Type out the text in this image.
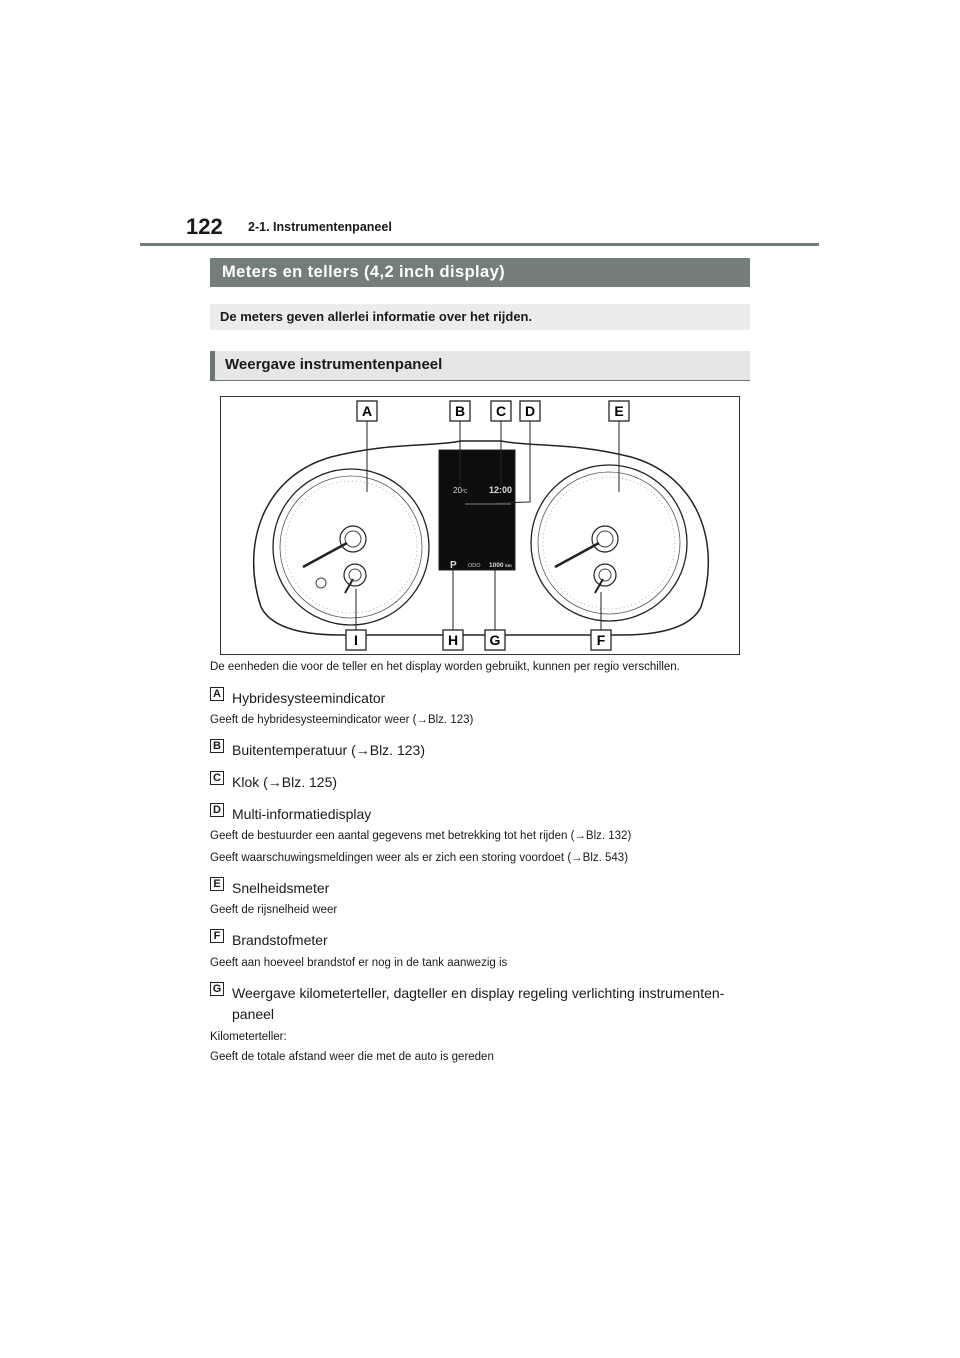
122 2-1. Instrumentenpaneel
Meters en tellers (4,2 inch display)
De meters geven allerlei informatie over het rijden.
Weergave instrumentenpaneel
20°C 12:00
P ODO 1000 km
A	B C D	E
F
G
H
I
De eenheden die voor de teller en het display worden gebruikt, kunnen per regio verschillen.
A Hybridesysteemindicator
Geeft de hybridesysteemindicator weer (→Blz. 123)
B Buitentemperatuur (→Blz. 123)
C Klok (→Blz. 125)
D Multi-informatiedisplay
Geeft de bestuurder een aantal gegevens met betrekking tot het rijden (→Blz. 132)
Geeft waarschuwingsmeldingen weer als er zich een storing voordoet (→Blz. 543)
E Snelheidsmeter
Geeft de rijsnelheid weer
F Brandstofmeter
Geeft aan hoeveel brandstof er nog in de tank aanwezig is
G Weergave kilometerteller, dagteller en display regeling verlichting instrumenten-paneel
Kilometerteller:
Geeft de totale afstand weer die met de auto is gereden
